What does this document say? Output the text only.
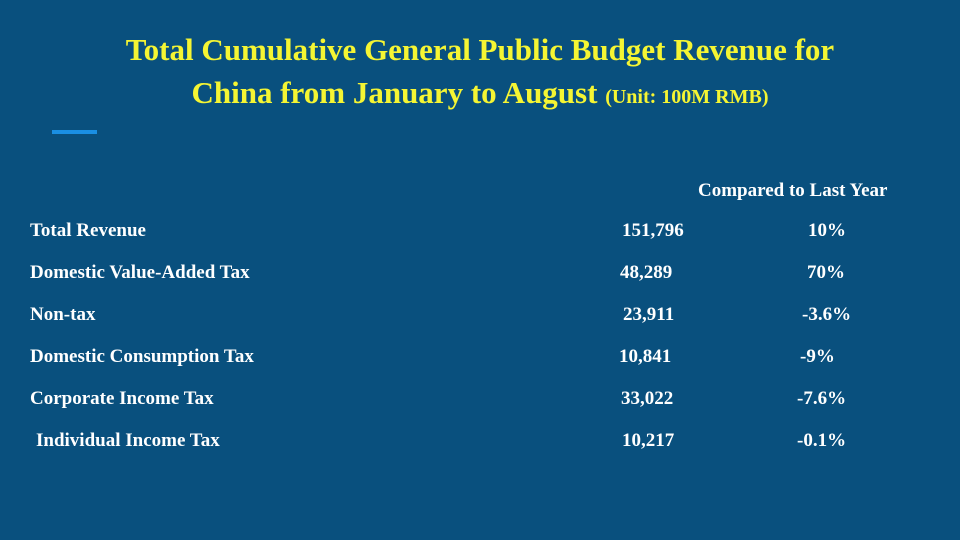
Total Cumulative General Public Budget Revenue for
China from January to August (Unit: 100M RMB)
Compared to Last Year
Total Revenue	151,796	10%
Domestic Value-Added Tax	48,289	70%
Non-tax	23,911	-3.6%
Domestic Consumption Tax	10,841	-9%
Corporate Income Tax	33,022	-7.6%
Individual Income Tax	10,217	-0.1%
